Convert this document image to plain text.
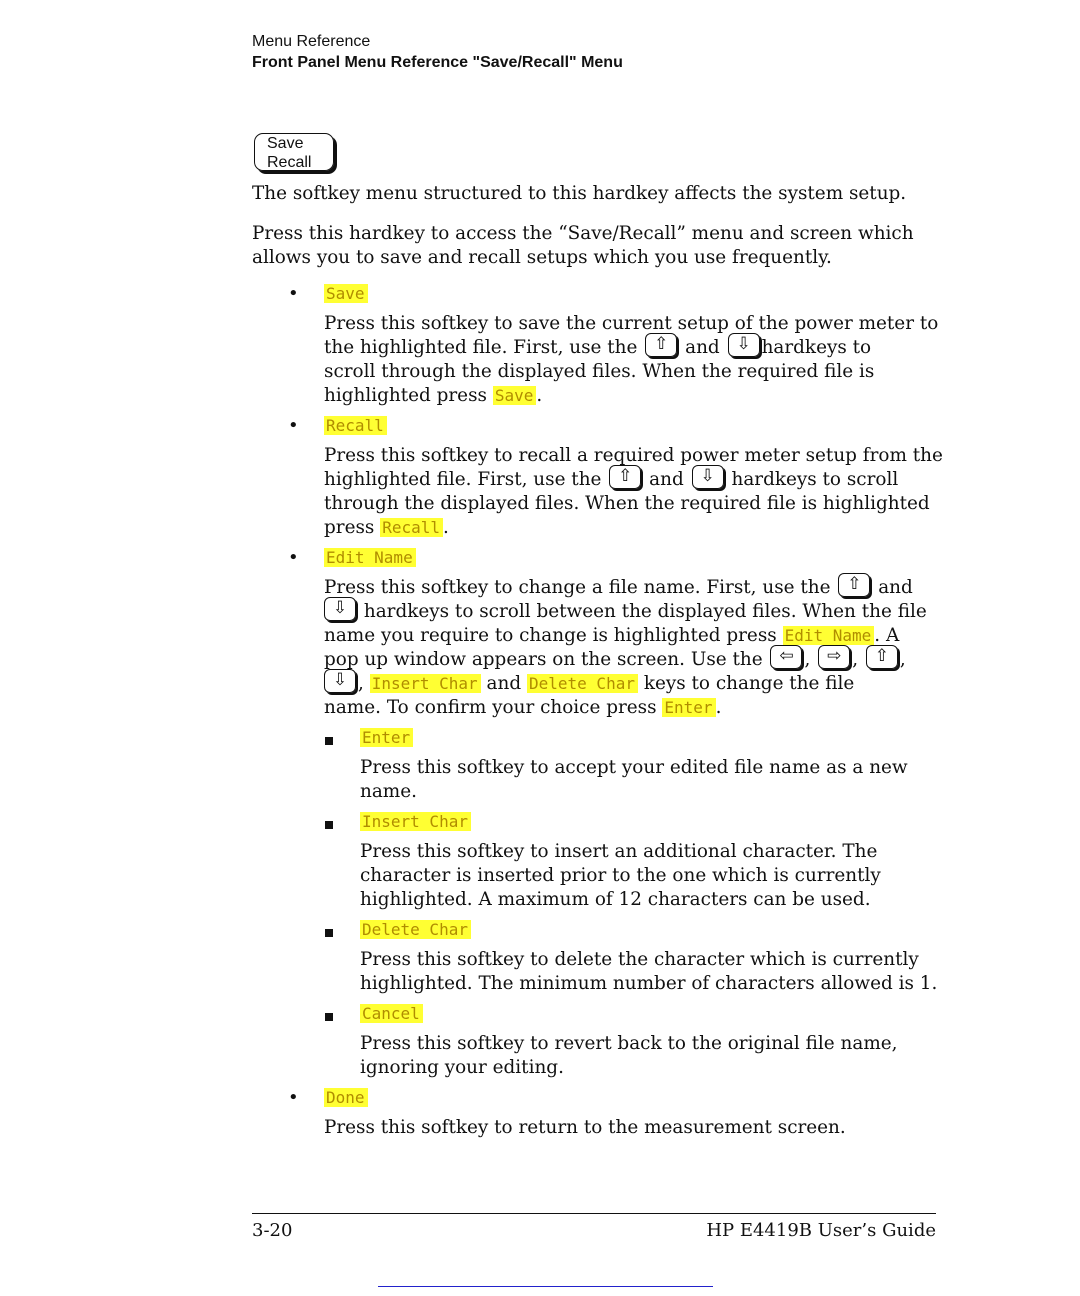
Menu Reference
Front Panel Menu Reference "Save/Recall" Menu
Save
Recall
The softkey menu structured to this hardkey affects the system setup.
Press this hardkey to access the “Save/Recall” menu and screen which
allows you to save and recall setups which you use frequently.
• Save
Press this softkey to save the current setup of the power meter to
the highlighted file. First, use the ⇧ and ⇩ hardkeys to
scroll through the displayed files. When the required file is
highlighted press Save .
• Recall
Press this softkey to recall a required power meter setup from the
highlighted file. First, use the ⇧ and ⇩ hardkeys to scroll
through the displayed files. When the required file is highlighted
press Recall .
• Edit Name
Press this softkey to change a file name. First, use the ⇧ and
⇩ hardkeys to scroll between the displayed files. When the file
name you require to change is highlighted press Edit Name . A
pop up window appears on the screen. Use the ⇦ , ⇨ , ⇧ ,
⇩ , Insert Char and Delete Char keys to change the file
name. To confirm your choice press Enter .
Enter
Press this softkey to accept your edited file name as a new
name.
Insert Char
Press this softkey to insert an additional character. The
character is inserted prior to the one which is currently
highlighted. A maximum of 12 characters can be used.
Delete Char
Press this softkey to delete the character which is currently
highlighted. The minimum number of characters allowed is 1.
Cancel
Press this softkey to revert back to the original file name,
ignoring your editing.
• Done
Press this softkey to return to the measurement screen.
3-20	HP E4419B User’s Guide
